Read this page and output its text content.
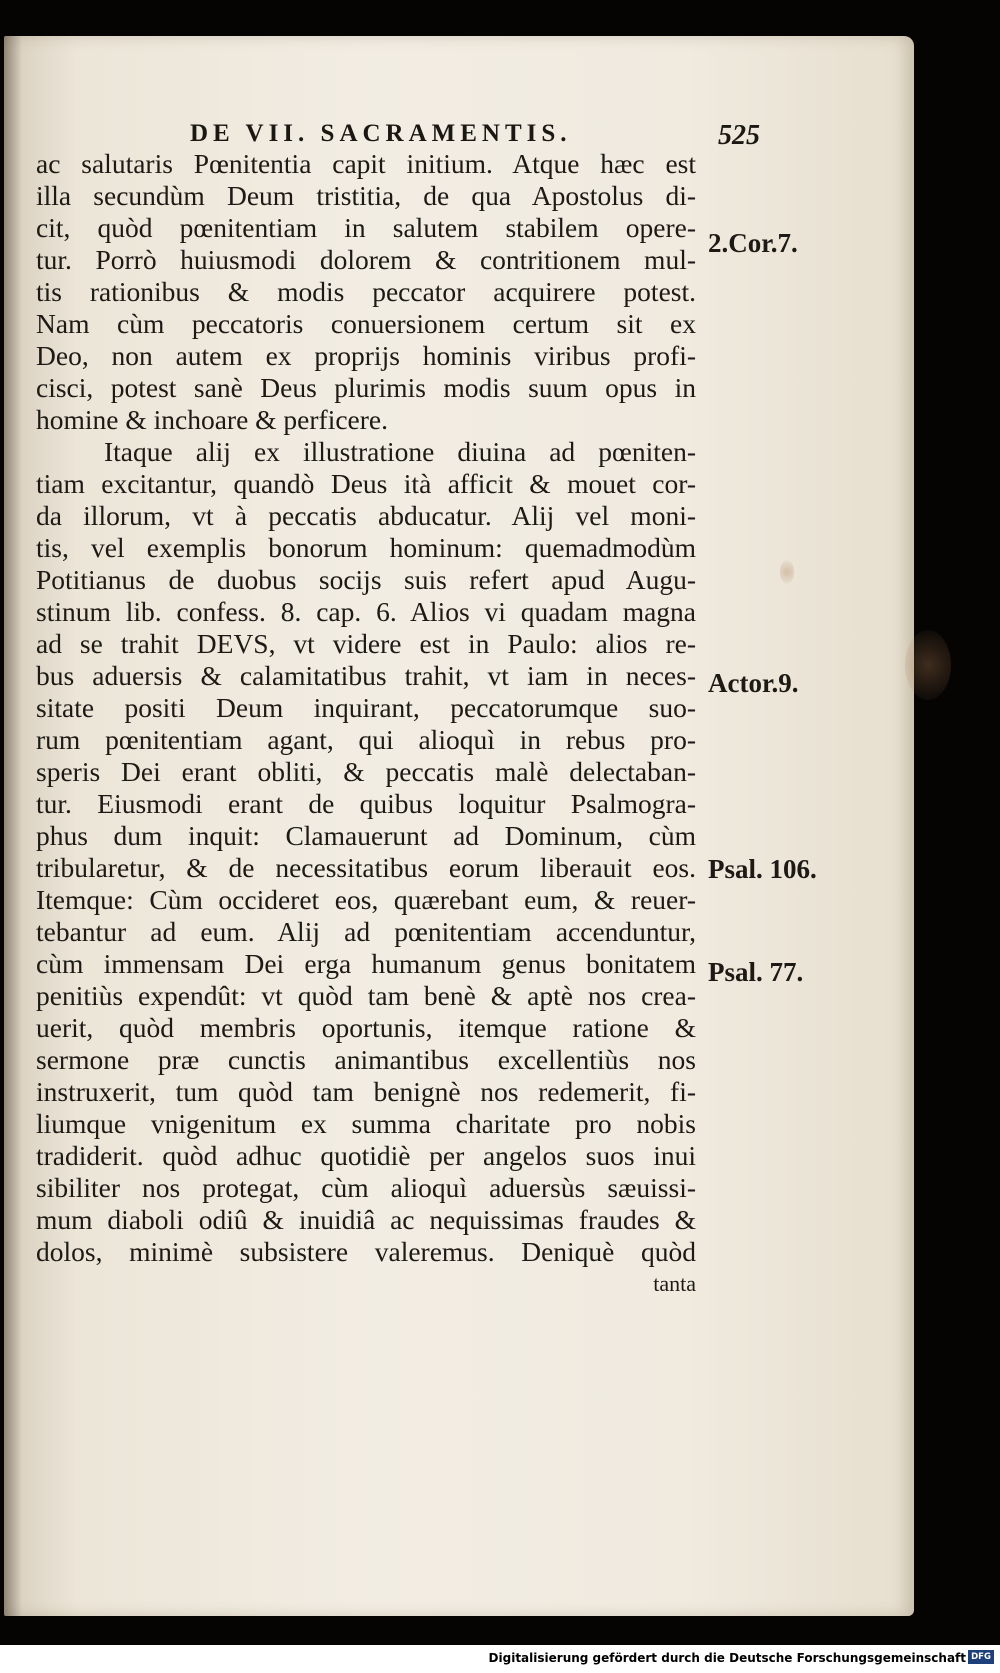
DE VII. SACRAMENTIS.	525
ac salutaris Pœnitentia capit initium. Atque hæc est
illa secundùm Deum tristitia, de qua Apostolus di-
cit, quòd pœnitentiam in salutem stabilem opere-
tur. Porrò huiusmodi dolorem & contritionem mul-
tis rationibus & modis peccator acquirere potest.
Nam cùm peccatoris conuersionem certum sit ex
Deo, non autem ex proprijs hominis viribus profi-
cisci, potest sanè Deus plurimis modis suum opus in
homine & inchoare & perficere.
Itaque alij ex illustratione diuina ad pœniten-
tiam excitantur, quandò Deus ità afficit & mouet cor-
da illorum, vt à peccatis abducatur. Alij vel moni-
tis, vel exemplis bonorum hominum: quemadmodùm
Potitianus de duobus socijs suis refert apud Augu-
stinum lib. confess. 8. cap. 6. Alios vi quadam magna
ad se trahit DEVS, vt videre est in Paulo: alios re-
bus aduersis & calamitatibus trahit, vt iam in neces-
sitate positi Deum inquirant, peccatorumque suo-
rum pœnitentiam agant, qui alioquì in rebus pro-
speris Dei erant obliti, & peccatis malè delectaban-
tur. Eiusmodi erant de quibus loquitur Psalmogra-
phus dum inquit: Clamauerunt ad Dominum, cùm
tribularetur, & de necessitatibus eorum liberauit eos.
Itemque: Cùm occideret eos, quærebant eum, & reuer-
tebantur ad eum. Alij ad pœnitentiam accenduntur,
cùm immensam Dei erga humanum genus bonitatem
penitiùs expendût: vt quòd tam benè & aptè nos crea-
uerit, quòd membris oportunis, itemque ratione &
sermone præ cunctis animantibus excellentiùs nos
instruxerit, tum quòd tam benignè nos redemerit, fi-
liumque vnigenitum ex summa charitate pro nobis
tradiderit. quòd adhuc quotidiè per angelos suos inui
sibiliter nos protegat, cùm alioquì aduersùs sæuissi-
mum diaboli odiû & inuidiâ ac nequissimas fraudes &
dolos, minimè subsistere valeremus. Deniquè quòd
tanta
2.Cor.7.
Actor.9.
Psal. 106.
Psal. 77.
Digitalisierung gefördert durch die Deutsche Forschungsgemeinschaft DFG
